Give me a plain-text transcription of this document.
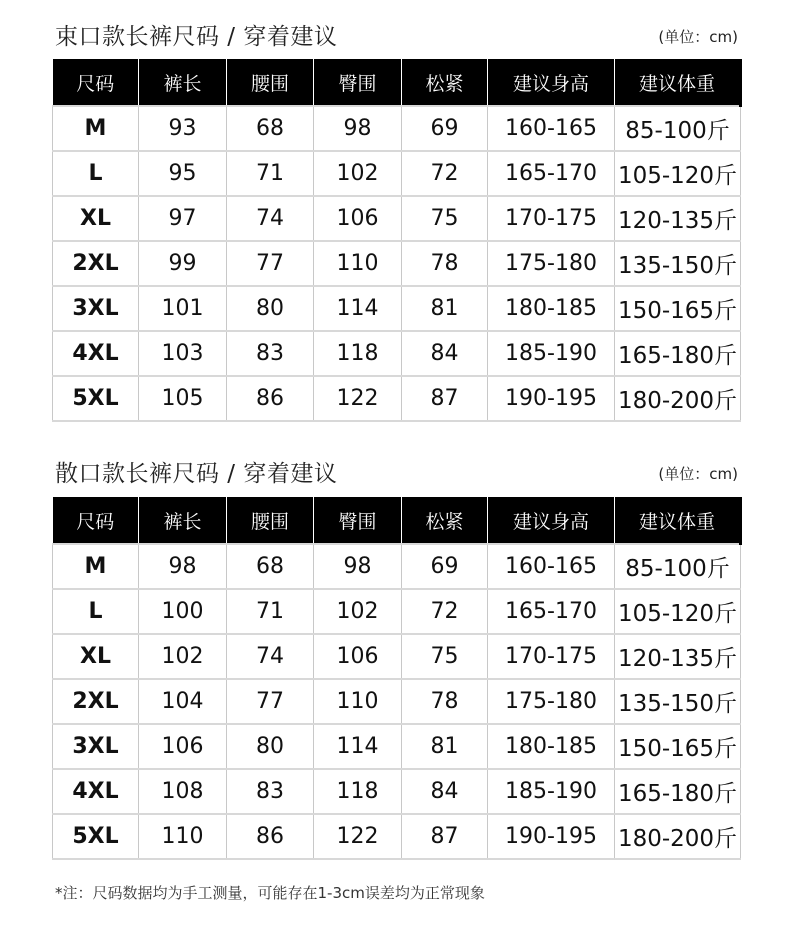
束口款长裤尺码 / 穿着建议	(单位：cm)
尺码	裤长	腰围	臀围	松紧	建议身高	建议体重
M	93	68	98	69	160-165	85-100斤
L	95	71	102	72	165-170	105-120斤
XL	97	74	106	75	170-175	120-135斤
2XL	99	77	110	78	175-180	135-150斤
3XL	101	80	114	81	180-185	150-165斤
4XL	103	83	118	84	185-190	165-180斤
5XL	105	86	122	87	190-195	180-200斤
散口款长裤尺码 / 穿着建议	(单位：cm)
尺码	裤长	腰围	臀围	松紧	建议身高	建议体重
M	98	68	98	69	160-165	85-100斤
L	100	71	102	72	165-170	105-120斤
XL	102	74	106	75	170-175	120-135斤
2XL	104	77	110	78	175-180	135-150斤
3XL	106	80	114	81	180-185	150-165斤
4XL	108	83	118	84	185-190	165-180斤
5XL	110	86	122	87	190-195	180-200斤
*注：尺码数据均为手工测量，可能存在1-3cm误差均为正常现象
